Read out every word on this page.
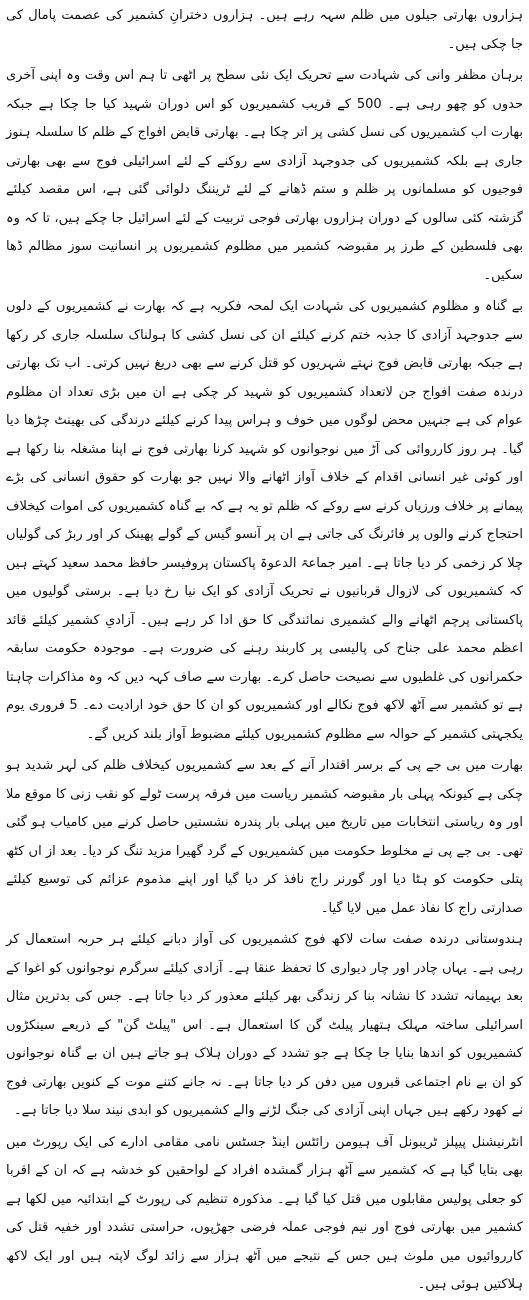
ہزاروں بھارتی جیلوں میں ظلم سہہ رہے ہیں۔ ہزاروں دخترانِ کشمیر کی عصمت پامال کی جا چکی ہیں۔

برہان مظفر وانی کی شہادت سے تحریک ایک نئی سطح پر اٹھی تا ہم اس وقت وہ اپنی آخری حدوں کو چھو رہی ہے۔ 500 کے قریب کشمیریوں کو اس دوران شہید کیا جا چکا ہے جبکہ بھارت اب کشمیریوں کی نسل کشی پر اتر چکا ہے۔ بھارتی قابض افواج کے ظلم کا سلسلہ ہنوز جاری ہے بلکہ کشمیریوں کی جدوجہد آزادی سے روکنے کے لئے اسرائیلی فوج سے بھی بھارتی فوجیوں کو مسلمانوں پر ظلم و ستم ڈھانے کے لئے ٹریننگ دلوائی گئی ہے، اس مقصد کیلئے گزشتہ کئی سالوں کے دوران ہزاروں بھارتی فوجی تربیت کے لئے اسرائیل جا چکے ہیں، تا کہ وہ بھی فلسطین کے طرز پر مقبوضہ کشمیر میں مظلوم کشمیریوں پر انسانیت سوز مظالم ڈھا سکیں۔

بے گناہ و مظلوم کشمیریوں کی شہادت ایک لمحہ فکریہ ہے کہ بھارت نے کشمیریوں کے دلوں سے جدوجہد آزادی کا جذبہ ختم کرنے کیلئے ان کی نسل کشی کا ہولناک سلسلہ جاری کر رکھا ہے جبکہ بھارتی قابض فوج نہتے شہریوں کو قتل کرنے سے بھی دریغ نہیں کرتی۔ اب تک بھارتی درندہ صفت افواج جن لاتعداد کشمیریوں کو شہید کر چکی ہے ان میں بڑی تعداد ان مظلوم عوام کی ہے جنہیں محض لوگوں میں خوف و ہراس پیدا کرنے کیلئے درندگی کی بھینٹ چڑھا دیا گیا۔ ہر روز کارروائی کی آڑ میں نوجوانوں کو شہید کرنا بھارتی فوج نے اپنا مشغلہ بنا رکھا ہے اور کوئی غیر انسانی اقدام کے خلاف آواز اٹھانے والا نہیں جو بھارت کو حقوق انسانی کی بڑے پیمانے پر خلاف ورزیاں کرنے سے روکے کہ ظلم تو یہ ہے کہ بے گناہ کشمیریوں کی اموات کیخلاف احتجاج کرنے والوں پر فائرنگ کی جاتی ہے ان پر آنسو گیس کے گولے پھینک کر اور ربڑ کی گولیاں چلا کر زخمی کر دیا جاتا ہے۔ امیر جماعۃ الدعوۃ پاکستان پروفیسر حافظ محمد سعید کہتے ہیں کہ کشمیریوں کی لازوال قربانیوں نے تحریک آزادی کو ایک نیا رخ دیا ہے۔ برستی گولیوں میں پاکستانی پرچم اٹھانے والے کشمیری نمائندگی کا حق ادا کر رہے ہیں۔ آزادیِ کشمیر کیلئے قائد اعظم محمد علی جناح کی پالیسی پر کاربند رہنے کی ضرورت ہے۔ موجودہ حکومت سابقہ حکمرانوں کی غلطیوں سے نصیحت حاصل کرے۔ بھارت سے صاف کہہ دیں کہ وہ مذاکرات چاہتا ہے تو کشمیر سے آٹھ لاکھ فوج نکالے اور کشمیریوں کو ان کا حق خود ارادیت دے۔ 5 فروری یوم یکجہتی کشمیر کے حوالہ سے مظلوم کشمیریوں کیلئے مضبوط آواز بلند کریں گے۔

بھارت میں بی جے پی کے برسر اقتدار آنے کے بعد سے کشمیریوں کیخلاف ظلم کی لہر شدید ہو چکی ہے کیونکہ پہلی بار مقبوضہ کشمیر ریاست میں فرقہ پرست ٹولے کو نقب زنی کا موقع ملا اور وہ ریاستی انتخابات میں تاریخ میں پہلی بار پندرہ نشستیں حاصل کرنے میں کامیاب ہو گئی تھی۔ بی جے پی نے مخلوط حکومت میں کشمیریوں کے گرد گھیرا مزید تنگ کر دیا۔ بعد از اں کٹھ پتلی حکومت کو ہٹا دیا اور گورنر راج نافذ کر دیا گیا اور اپنے مذموم عزائم کی توسیع کیلئے صدارتی راج کا نفاذ عمل میں لایا گیا۔

ہندوستانی درندہ صفت سات لاکھ فوج کشمیریوں کی آواز دبانے کیلئے ہر حربہ استعمال کر رہی ہے۔ یہاں چادر اور چار دیواری کا تحفظ عنقا ہے۔ آزادی کیلئے سرگرم نوجوانوں کو اغوا کے بعد بہیمانہ تشدد کا نشانہ بنا کر زندگی بھر کیلئے معذور کر دیا جاتا ہے۔ جس کی بدترین مثال اسرائیلی ساختہ مہلک ہتھیار پیلٹ گن کا استعمال ہے۔ اس "پیلٹ گن" کے ذریعے سینکڑوں کشمیریوں کو اندھا بنایا جا چکا ہے جو تشدد کے دوران ہلاک ہو جاتے ہیں ان بے گناہ نوجوانوں کو ان بے نام اجتماعی قبروں میں دفن کر دیا جاتا ہے۔ نہ جانے کتنے موت کے کنویں بھارتی فوج نے کھود رکھے ہیں جہاں اپنی آزادی کی جنگ لڑنے والے کشمیریوں کو ابدی نیند سلا دیا جاتا ہے۔

انٹرنیشنل پیپلز ٹریبونل آف ہیومن رائٹس اینڈ جسٹس نامی مقامی ادارے کی ایک رپورٹ میں بھی بتایا گیا ہے کہ کشمیر سے آٹھ ہزار گمشدہ افراد کے لواحقین کو خدشہ ہے کہ ان کے اقربا کو جعلی پولیس مقابلوں میں قتل کیا گیا ہے۔ مذکورہ تنظیم کی رپورٹ کے ابتدائیہ میں لکھا ہے کشمیر میں بھارتی فوج اور نیم فوجی عملہ فرضی جھڑپوں، حراستی تشدد اور خفیہ قتل کی کارروائیوں میں ملوث ہیں جس کے نتیجے میں آٹھ ہزار سے زائد لوگ لاپتہ ہیں اور ایک لاکھ ہلاکتیں ہوئی ہیں۔
